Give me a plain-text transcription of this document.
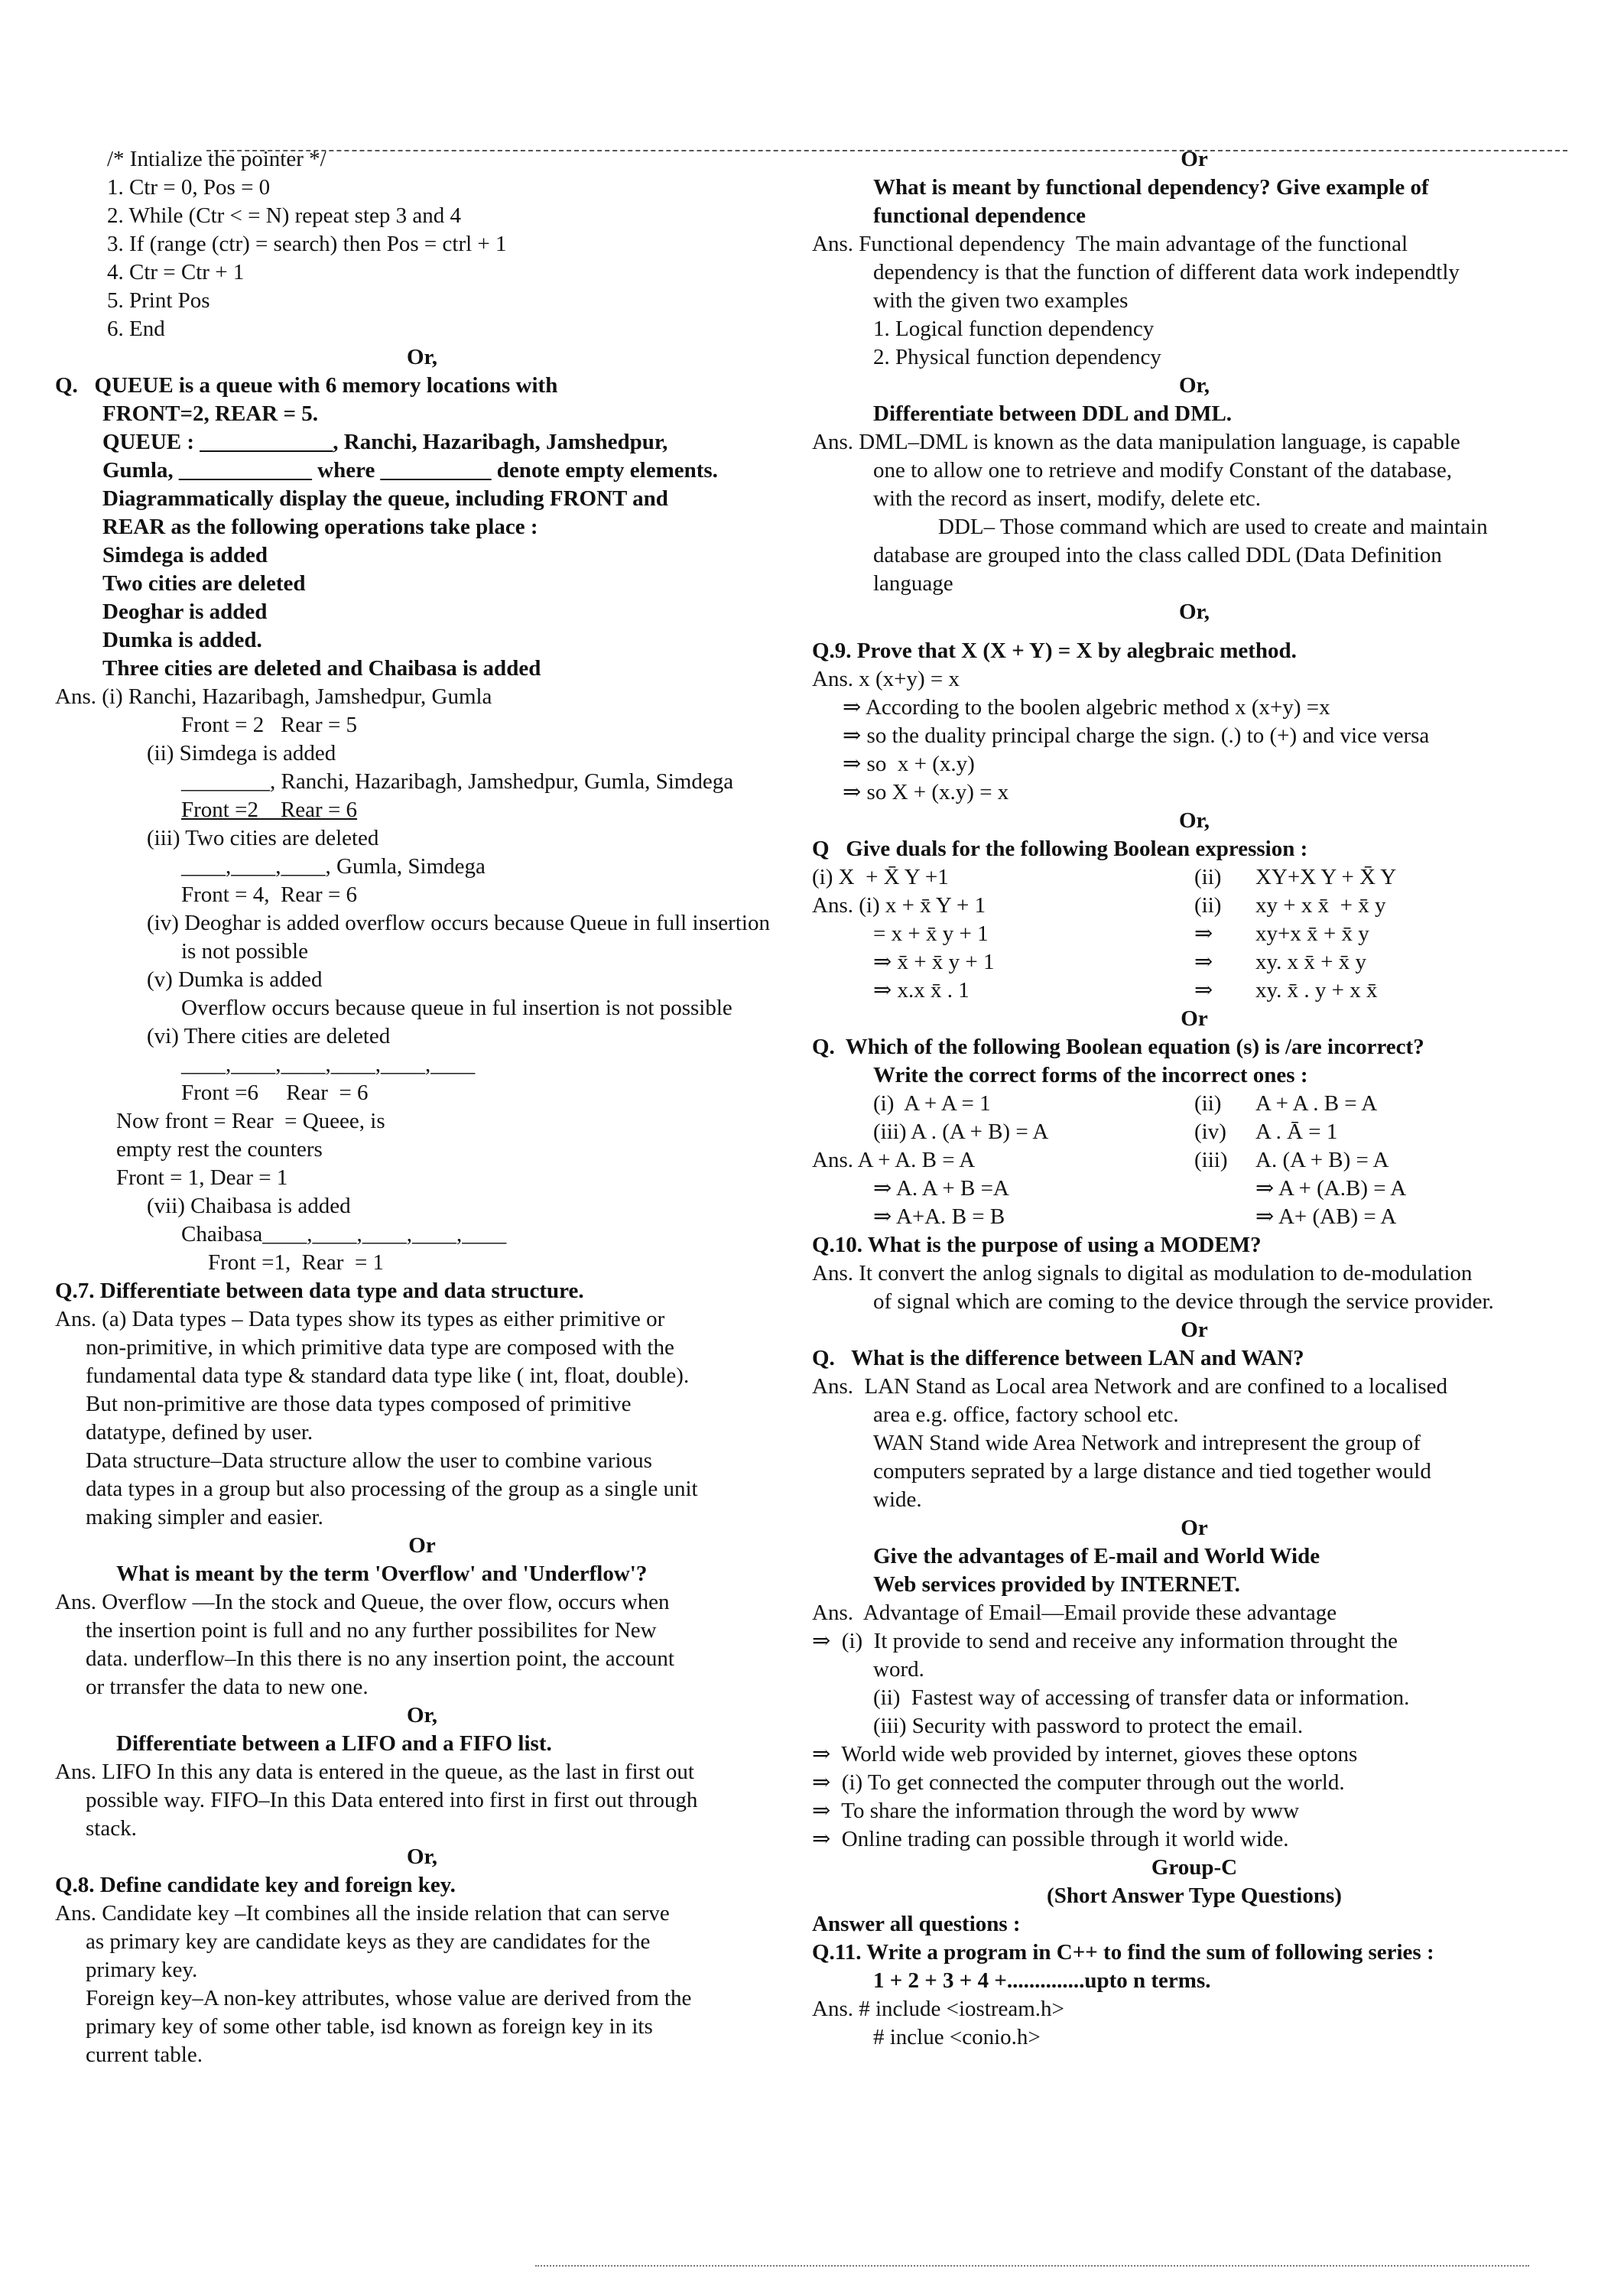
/* Intialize the pointer */
1. Ctr = 0, Pos = 0
2. While (Ctr < = N) repeat step 3 and 4
3. If (range (ctr) = search) then Pos = ctrl + 1
4. Ctr = Ctr + 1
5. Print Pos
6. End
Or,
Q.   QUEUE is a queue with 6 memory locations with
FRONT=2, REAR = 5.
QUEUE : ____________, Ranchi, Hazaribagh, Jamshedpur,
Gumla, ____________ where __________ denote empty elements.
Diagrammatically display the queue, including FRONT and
REAR as the following operations take place :
Simdega is added
Two cities are deleted
Deoghar is added
Dumka is added.
Three cities are deleted and Chaibasa is added
Ans. (i) Ranchi, Hazaribagh, Jamshedpur, Gumla
Front = 2   Rear = 5
(ii) Simdega is added
________, Ranchi, Hazaribagh, Jamshedpur, Gumla, Simdega
Front =2    Rear = 6
(iii) Two cities are deleted
____,____,____, Gumla, Simdega
Front = 4,  Rear = 6
(iv) Deoghar is added overflow occurs because Queue in full insertion
is not possible
(v) Dumka is added
Overflow occurs because queue in ful insertion is not possible
(vi) There cities are deleted
____,____,____,____,____,____
Front =6     Rear  = 6
Now front = Rear  = Queee, is
empty rest the counters
Front = 1, Dear = 1
(vii) Chaibasa is added
Chaibasa____,____,____,____,____
Front =1,  Rear  = 1
Q.7. Differentiate between data type and data structure.
Ans. (a) Data types – Data types show its types as either primitive or
non-primitive, in which primitive data type are composed with the
fundamental data type & standard data type like ( int, float, double).
But non-primitive are those data types composed of primitive
datatype, defined by user.
Data structure–Data structure allow the user to combine various
data types in a group but also processing of the group as a single unit
making simpler and easier.
Or
What is meant by the term 'Overflow' and 'Underflow'?
Ans. Overflow —In the stock and Queue, the over flow, occurs when
the insertion point is full and no any further possibilites for New
data. underflow–In this there is no any insertion point, the account
or trransfer the data to new one.
Or,
Differentiate between a LIFO and a FIFO list.
Ans. LIFO In this any data is entered in the queue, as the last in first out
possible way. FIFO–In this Data entered into first in first out through
stack.
Or,
Q.8. Define candidate key and foreign key.
Ans. Candidate key –It combines all the inside relation that can serve
as primary key are candidate keys as they are candidates for the
primary key.
Foreign key–A non-key attributes, whose value are derived from the
primary key of some other table, isd known as foreign key in its
current table.
Or
What is meant by functional dependency? Give example of
functional dependence
Ans. Functional dependency  The main advantage of the functional
dependency is that the function of different data work independtly
with the given two examples
1. Logical function dependency
2. Physical function dependency
Or,
Differentiate between DDL and DML.
Ans. DML–DML is known as the data manipulation language, is capable
one to allow one to retrieve and modify Constant of the database,
with the record as insert, modify, delete etc.
DDL– Those command which are used to create and maintain
database are grouped into the class called DDL (Data Definition
language
Or,
Q.9. Prove that X (X + Y) = X by alegbraic method.
Ans. x (x+y) = x
⇒ According to the boolen algebric method x (x+y) =x
⇒ so the duality principal charge the sign. (.) to (+) and vice versa
⇒ so  x + (x.y)
⇒ so X + (x.y) = x
Or,
Q   Give duals for the following Boolean expression :
(i) X  + X̄ Y +1	(ii)	XY+X Y + X̄ Y
Ans. (i) x + x̄ Y + 1	(ii)	xy + x x̄  + x̄ y
= x + x̄ y + 1	⇒	xy+x x̄ + x̄ y
⇒ x̄ + x̄ y + 1	⇒	xy. x x̄ + x̄ y
⇒ x.x x̄ . 1	⇒	xy. x̄ . y + x x̄
Or
Q.  Which of the following Boolean equation (s) is /are incorrect?
Write the correct forms of the incorrect ones :
(i)  A + A = 1	(ii)	A + A . B = A
(iii) A . (A + B) = A	(iv)	A . Ā = 1
Ans. A + A. B = A	(iii)	A. (A + B) = A
⇒ A. A + B =A	⇒ A + (A.B) = A
⇒ A+A. B = B	⇒ A+ (AB) = A
Q.10. What is the purpose of using a MODEM?
Ans. It convert the anlog signals to digital as modulation to de-modulation
of signal which are coming to the device through the service provider.
Or
Q.   What is the difference between LAN and WAN?
Ans.  LAN Stand as Local area Network and are confined to a localised
area e.g. office, factory school etc.
WAN Stand wide Area Network and intrepresent the group of
computers seprated by a large distance and tied together would
wide.
Or
Give the advantages of E-mail and World Wide
Web services provided by INTERNET.
Ans.  Advantage of Email—Email provide these advantage
⇒  (i)  It provide to send and receive any information throught the
word.
(ii)  Fastest way of accessing of transfer data or information.
(iii) Security with password to protect the email.
⇒  World wide web provided by internet, gioves these optons
⇒  (i) To get connected the computer through out the world.
⇒  To share the information through the word by www
⇒  Online trading can possible through it world wide.
Group-C
(Short Answer Type Questions)
Answer all questions :
Q.11. Write a program in C++ to find the sum of following series :
1 + 2 + 3 + 4 +..............upto n terms.
Ans. # include <iostream.h>
# inclue <conio.h>
